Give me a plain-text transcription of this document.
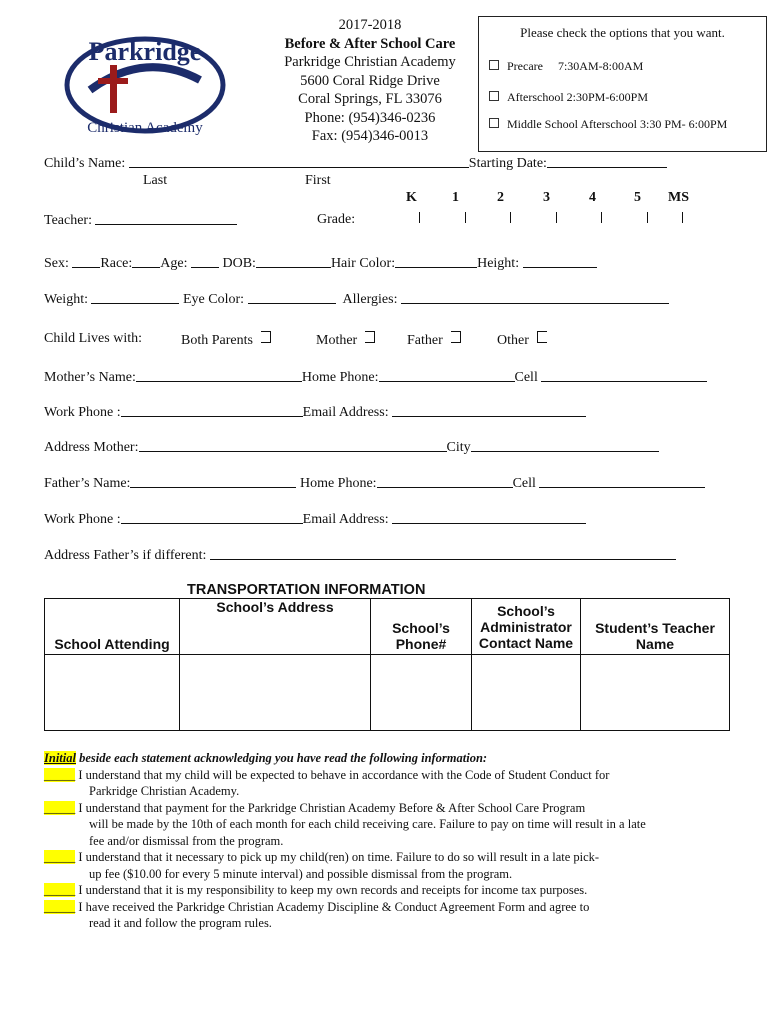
Parkridge
Christian Academy
2017-2018
Before & After School Care
Parkridge Christian Academy
5600 Coral Ridge Drive
Coral Springs, FL 33076
Phone: (954)346-0236
Fax: (954)346-0013
Please check the options that you want.
Precare     7:30AM-8:00AM
Afterschool 2:30PM-6:00PM
Middle School Afterschool 3:30 PM- 6:00PM
Child’s Name:	Starting Date:
Last	First
K	1	2	3	4	5 MS
Teacher:	Grade:
Sex: Race: Age:	DOB:	Hair Color:	Height:
Weight:	Eye Color:	Allergies:
Child Lives with:	Both Parents	Mother	Father	Other
Mother’s Name:	Home Phone:	Cell
Work Phone :	Email Address:
Address Mother:	City
Father’s Name:	Home Phone:	Cell
Work Phone :	Email Address:
Address Father’s if different:
TRANSPORTATION INFORMATION
School Attending	School’s Address	School’s Phone#	School’s Administrator Contact Name	Student’s Teacher Name

Initial beside each statement acknowledging you have read the following information:
_____ I understand that my child will be expected to behave in accordance with the Code of Student Conduct for
Parkridge Christian Academy.
_____ I understand that payment for the Parkridge Christian Academy Before & After School Care Program
will be made by the 10th of each month for each child receiving care. Failure to pay on time will result in a late
fee and/or dismissal from the program.
_____ I understand that it necessary to pick up my child(ren) on time. Failure to do so will result in a late pick-
up fee ($10.00 for every 5 minute interval) and possible dismissal from the program.
_____ I understand that it is my responsibility to keep my own records and receipts for income tax purposes.
_____ I have received the Parkridge Christian Academy Discipline & Conduct Agreement Form and agree to
read it and follow the program rules.
